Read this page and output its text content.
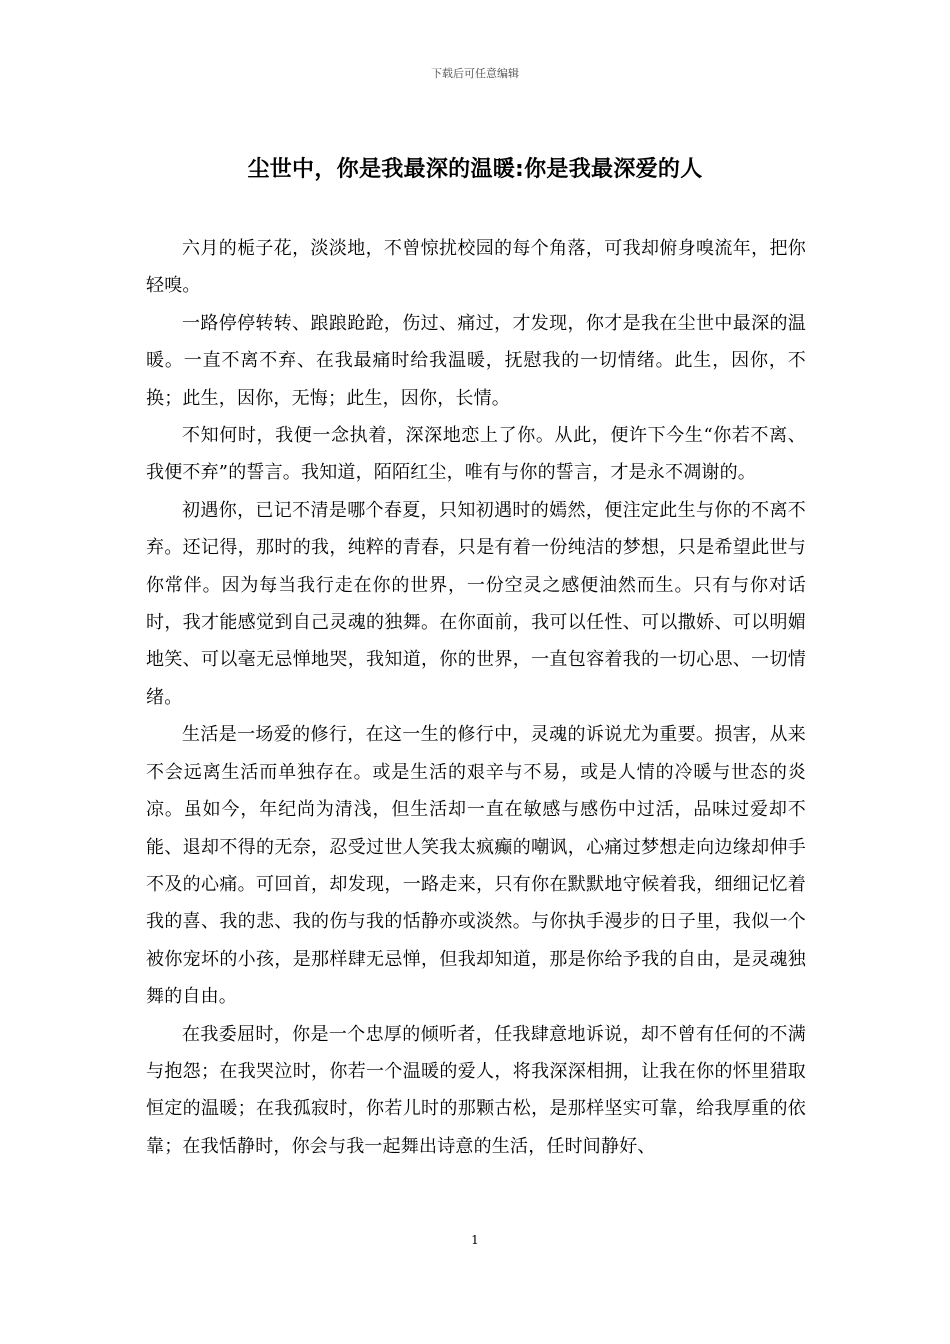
下载后可任意编辑
尘世中，你是我最深的温暖:你是我最深爱的人

六月的栀子花，淡淡地，不曾惊扰校园的每个角落，可我却俯身嗅流年，把你轻嗅。

一路停停转转、踉踉跄跄，伤过、痛过，才发现，你才是我在尘世中最深的温暖。一直不离不弃、在我最痛时给我温暖，抚慰我的一切情绪。此生，因你，不换；此生，因你，无悔；此生，因你，长情。

不知何时，我便一念执着，深深地恋上了你。从此，便许下今生“你若不离、我便不弃”的誓言。我知道，陌陌红尘，唯有与你的誓言，才是永不凋谢的。

初遇你，已记不清是哪个春夏，只知初遇时的嫣然，便注定此生与你的不离不弃。还记得，那时的我，纯粹的青春，只是有着一份纯洁的梦想，只是希望此世与你常伴。因为每当我行走在你的世界，一份空灵之感便油然而生。只有与你对话时，我才能感觉到自己灵魂的独舞。在你面前，我可以任性、可以撒娇、可以明媚地笑、可以毫无忌惮地哭，我知道，你的世界，一直包容着我的一切心思、一切情绪。

生活是一场爱的修行，在这一生的修行中，灵魂的诉说尤为重要。损害，从来不会远离生活而单独存在。或是生活的艰辛与不易，或是人情的冷暖与世态的炎凉。虽如今，年纪尚为清浅，但生活却一直在敏感与感伤中过活，品味过爱却不能、退却不得的无奈，忍受过世人笑我太疯癫的嘲讽，心痛过梦想走向边缘却伸手不及的心痛。可回首，却发现，一路走来，只有你在默默地守候着我，细细记忆着我的喜、我的悲、我的伤与我的恬静亦或淡然。与你执手漫步的日子里，我似一个被你宠坏的小孩，是那样肆无忌惮，但我却知道，那是你给予我的自由，是灵魂独舞的自由。

在我委屈时，你是一个忠厚的倾听者，任我肆意地诉说，却不曾有任何的不满与抱怨；在我哭泣时，你若一个温暖的爱人，将我深深相拥，让我在你的怀里猎取恒定的温暖；在我孤寂时，你若儿时的那颗古松，是那样坚实可靠，给我厚重的依靠；在我恬静时，你会与我一起舞出诗意的生活，任时间静好、

1
